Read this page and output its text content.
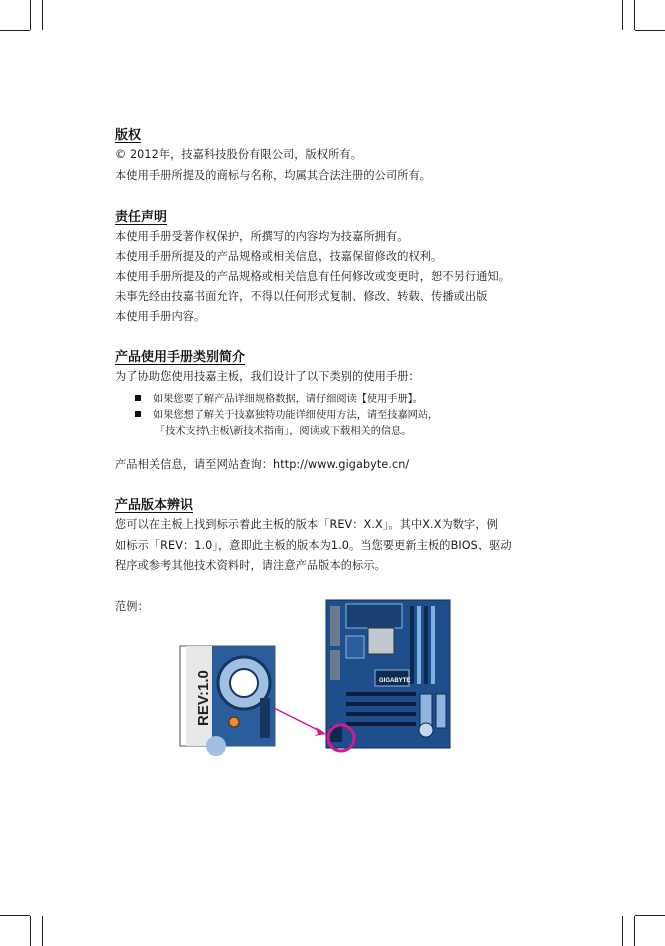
版权
© 2012年，技嘉科技股份有限公司，版权所有。
本使用手册所提及的商标与名称，均属其合法注册的公司所有。
责任声明
本使用手册受著作权保护，所撰写的内容均为技嘉所拥有。
本使用手册所提及的产品规格或相关信息，技嘉保留修改的权利。
本使用手册所提及的产品规格或相关信息有任何修改或变更时，恕不另行通知。
未事先经由技嘉书面允许，不得以任何形式复制、修改、转载、传播或出版
本使用手册内容。
产品使用手册类别简介
为了协助您使用技嘉主板，我们设计了以下类别的使用手册：
如果您要了解产品详细规格数据，请仔细阅读【使用手册】。
如果您想了解关于技嘉独特功能详细使用方法，请至技嘉网站，
「技术支持\主板\新技术指南」，阅读或下载相关的信息。
产品相关信息，请至网站查询：http://www.gigabyte.cn/
产品版本辨识
您可以在主板上找到标示着此主板的版本「REV：X.X」。其中X.X为数字，例
如标示「REV：1.0」，意即此主板的版本为1.0。当您要更新主板的BIOS、驱动
程序或参考其他技术资料时，请注意产品版本的标示。
范例：
REV:1.0	GIGABYTE
